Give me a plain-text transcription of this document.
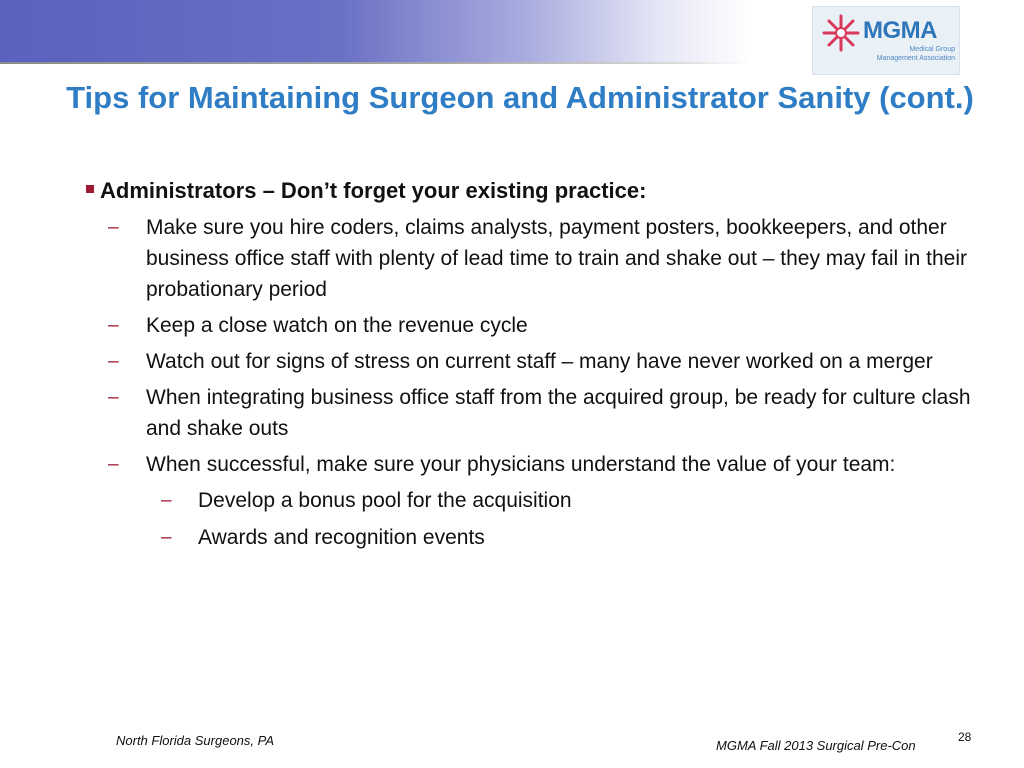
MGMA
Medical Group
Management Association
Tips for Maintaining Surgeon and Administrator Sanity (cont.)
Administrators – Don’t forget your existing practice:
– Make sure you hire coders, claims analysts, payment posters, bookkeepers, and other business office staff with plenty of lead time to train and shake out – they may fail in their probationary period
– Keep a close watch on the revenue cycle
– Watch out for signs of stress on current staff – many have never worked on a merger
– When integrating business office staff from the acquired group, be ready for culture clash and shake outs
– When successful, make sure your physicians understand the value of your team:
– Develop a bonus pool for the acquisition
– Awards and recognition events
North Florida Surgeons, PA	MGMA Fall 2013 Surgical Pre-Con
28
